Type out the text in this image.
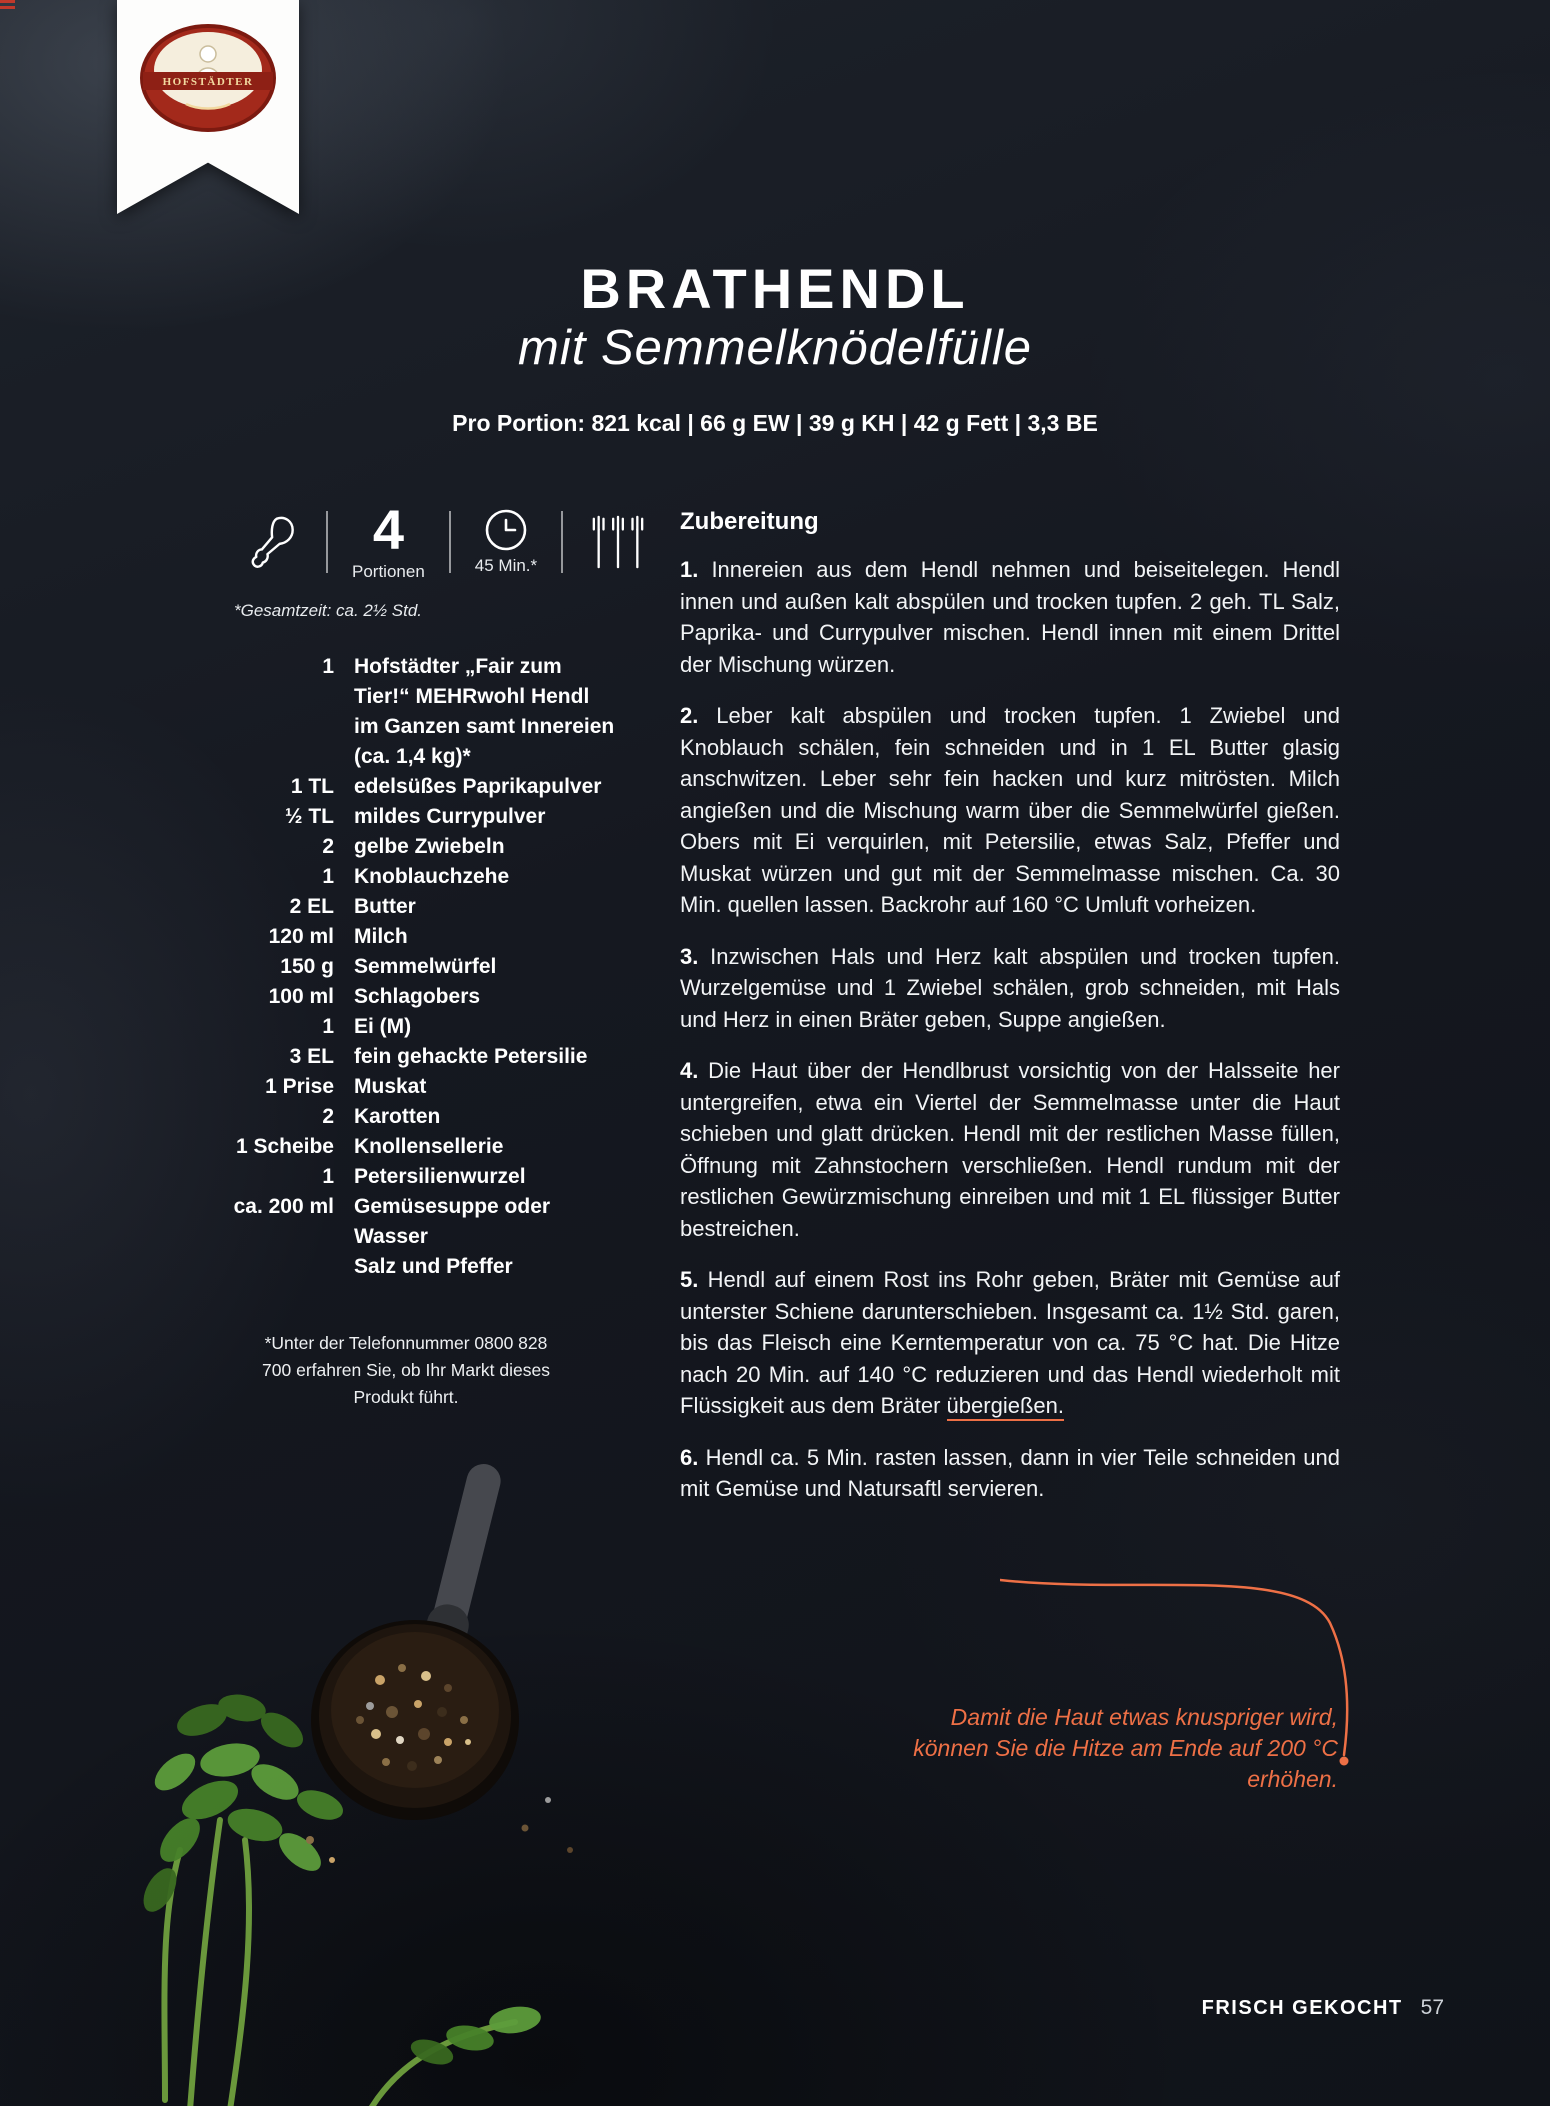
HOFSTÄDTER
BRATHENDL
mit Semmelknödelfülle
Pro Portion: 821 kcal | 66 g EW | 39 g KH | 42 g Fett | 3,3 BE
4
Portionen	45 Min.*
*Gesamtzeit: ca. 2½ Std.
1 Hofstädter „Fair zum Tier!“ MEHRwohl Hendl im Ganzen samt Innereien (ca. 1,4 kg)*
1 TL edelsüßes Paprikapulver
½ TL mildes Currypulver
2 gelbe Zwiebeln
1 Knoblauchzehe
2 EL Butter
120 ml Milch
150 g Semmelwürfel
100 ml Schlagobers
1 Ei (M)
3 EL fein gehackte Petersilie
1 Prise Muskat
2 Karotten
1 Scheibe Knollensellerie
1 Petersilienwurzel
ca. 200 ml Gemüsesuppe oder Wasser
Salz und Pfeffer
*Unter der Telefonnummer 0800 828 700 erfahren Sie, ob Ihr Markt dieses Produkt führt.
Zubereitung

1. Innereien aus dem Hendl nehmen und beiseitelegen. Hendl innen und außen kalt abspülen und trocken tupfen. 2 geh. TL Salz, Paprika- und Currypulver mischen. Hendl innen mit einem Drittel der Mischung würzen.

2. Leber kalt abspülen und trocken tupfen. 1 Zwiebel und Knoblauch schälen, fein schneiden und in 1 EL Butter glasig anschwitzen. Leber sehr fein hacken und kurz mitrösten. Milch angießen und die Mischung warm über die Semmelwürfel gießen. Obers mit Ei verquirlen, mit Petersilie, etwas Salz, Pfeffer und Muskat würzen und gut mit der Semmelmasse mischen. Ca. 30 Min. quellen lassen. Backrohr auf 160 °C Umluft vorheizen.

3. Inzwischen Hals und Herz kalt abspülen und trocken tupfen. Wurzelgemüse und 1 Zwiebel schälen, grob schneiden, mit Hals und Herz in einen Bräter geben, Suppe angießen.

4. Die Haut über der Hendlbrust vorsichtig von der Halsseite her untergreifen, etwa ein Viertel der Semmelmasse unter die Haut schieben und glatt drücken. Hendl mit der restlichen Masse füllen, Öffnung mit Zahnstochern verschließen. Hendl rundum mit der restlichen Gewürzmischung einreiben und mit 1 EL flüssiger Butter bestreichen.

5. Hendl auf einem Rost ins Rohr geben, Bräter mit Gemüse auf unterster Schiene darunterschieben. Insgesamt ca. 1½ Std. garen, bis das Fleisch eine Kerntemperatur von ca. 75 °C hat. Die Hitze nach 20 Min. auf 140 °C reduzieren und das Hendl wiederholt mit Flüssigkeit aus dem Bräter übergießen.

6. Hendl ca. 5 Min. rasten lassen, dann in vier Teile schneiden und mit Gemüse und Natursaftl servieren.

Damit die Haut etwas knuspriger wird, können Sie die Hitze am Ende auf 200 °C erhöhen.
FRISCH GEKOCHT 57
